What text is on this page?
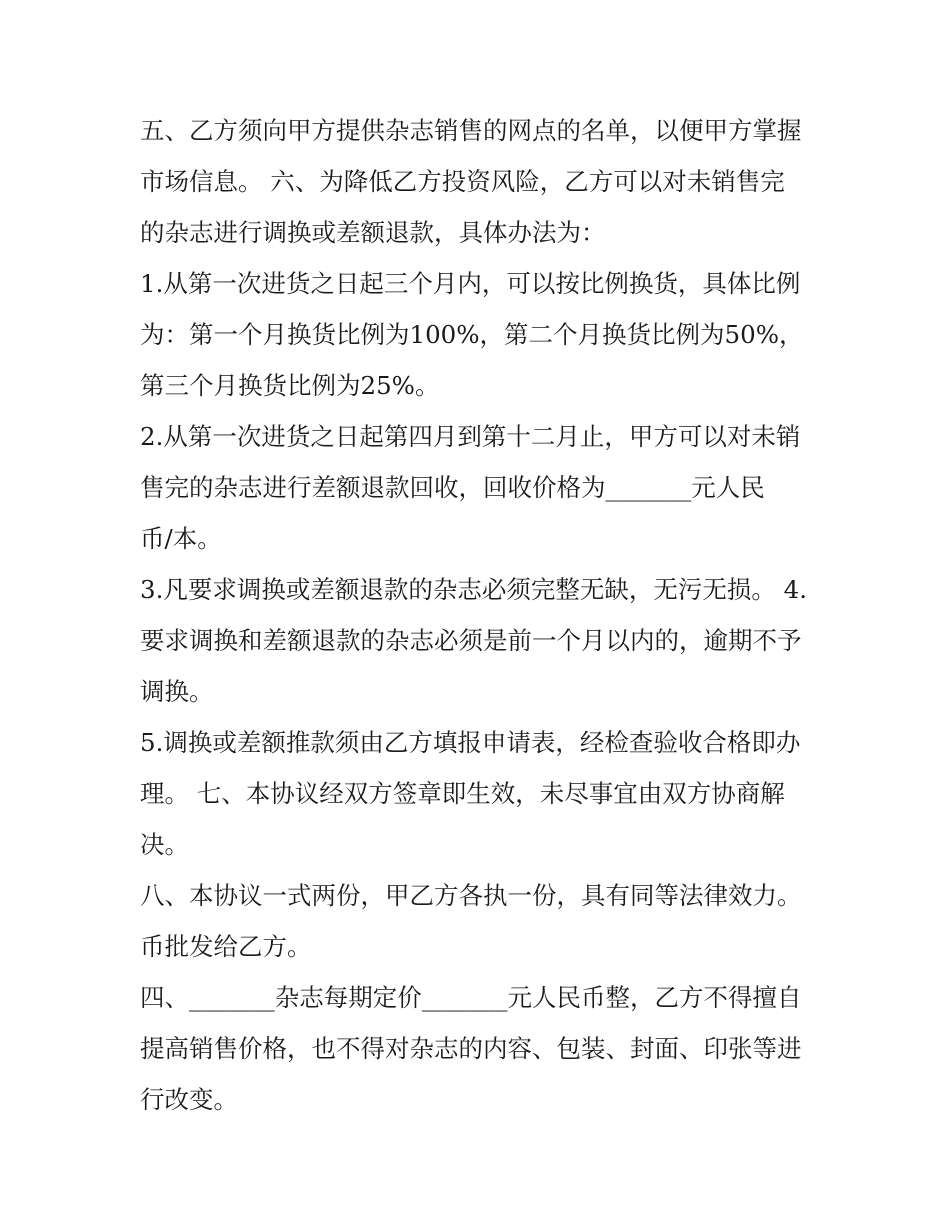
五、乙方须向甲方提供杂志销售的网点的名单，以便甲方掌握
市场信息。 六、为降低乙方投资风险，乙方可以对未销售完
的杂志进行调换或差额退款，具体办法为：
1.从第一次进货之日起三个月内，可以按比例换货，具体比例
为：第一个月换货比例为100%，第二个月换货比例为50%，
第三个月换货比例为25%。
2.从第一次进货之日起第四月到第十二月止，甲方可以对未销
售完的杂志进行差额退款回收，回收价格为_______元人民
币/本。
3.凡要求调换或差额退款的杂志必须完整无缺，无污无损。 4.
要求调换和差额退款的杂志必须是前一个月以内的，逾期不予
调换。
5.调换或差额推款须由乙方填报申请表，经检查验收合格即办
理。 七、本协议经双方签章即生效，未尽事宜由双方协商解
决。
八、本协议一式两份，甲乙方各执一份，具有同等法律效力。
币批发给乙方。
四、_______杂志每期定价_______元人民币整，乙方不得擅自
提高销售价格，也不得对杂志的内容、包装、封面、印张等进
行改变。
